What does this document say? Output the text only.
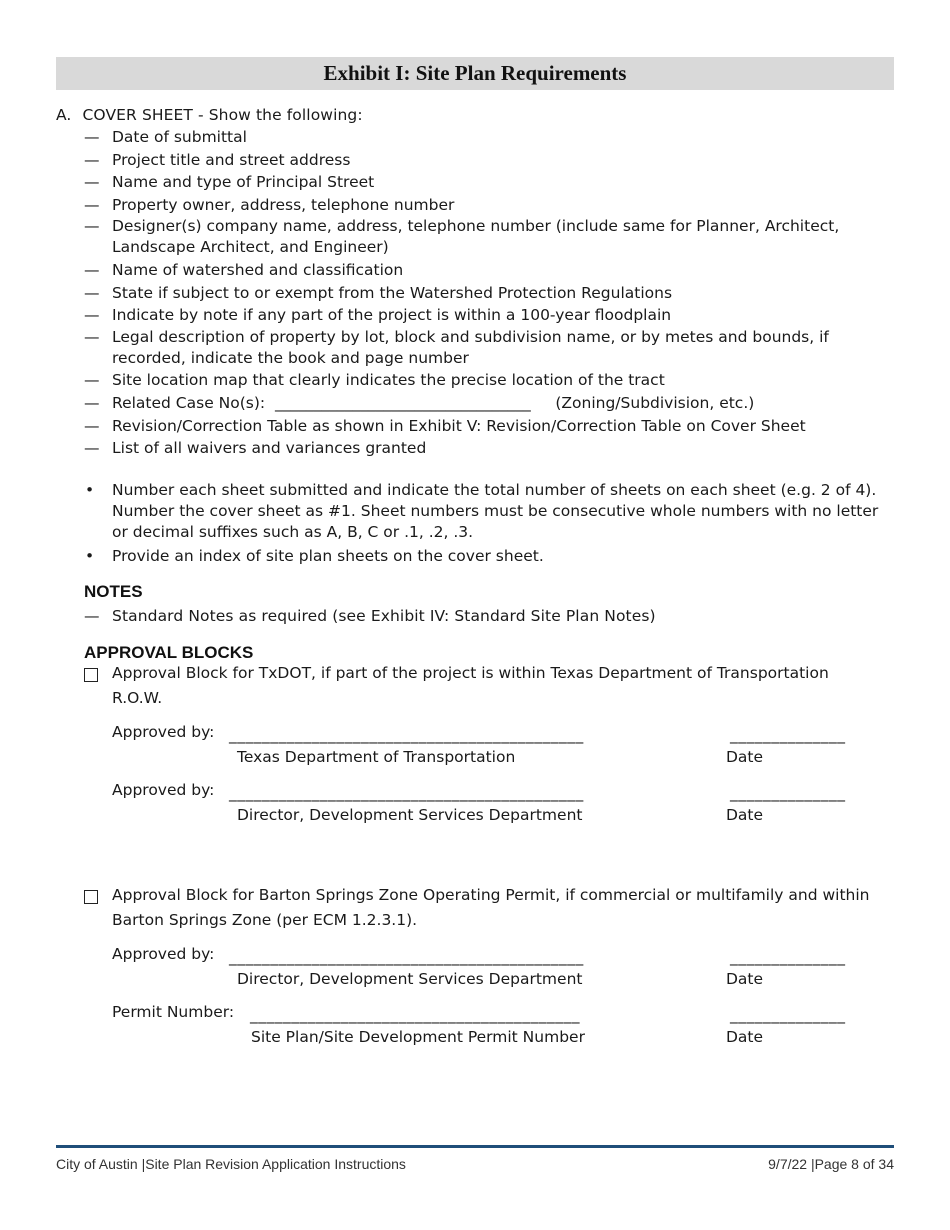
Exhibit I: Site Plan Requirements
A. COVER SHEET - Show the following:
— Date of submittal
— Project title and street address
— Name and type of Principal Street
— Property owner, address, telephone number
— Designer(s) company name, address, telephone number (include same for Planner, Architect, Landscape Architect, and Engineer)
— Name of watershed and classification
— State if subject to or exempt from the Watershed Protection Regulations
— Indicate by note if any part of the project is within a 100-year floodplain
— Legal description of property by lot, block and subdivision name, or by metes and bounds, if recorded, indicate the book and page number
— Site location map that clearly indicates the precise location of the tract
— Related Case No(s):  _________________________________     (Zoning/Subdivision, etc.)
— Revision/Correction Table as shown in Exhibit V: Revision/Correction Table on Cover Sheet
— List of all waivers and variances granted
• Number each sheet submitted and indicate the total number of sheets on each sheet (e.g. 2 of 4). Number the cover sheet as #1. Sheet numbers must be consecutive whole numbers with no letter or decimal suffixes such as A, B, C or .1, .2, .3.
• Provide an index of site plan sheets on the cover sheet.
NOTES
— Standard Notes as required (see Exhibit IV: Standard Site Plan Notes)
APPROVAL BLOCKS
Approval Block for TxDOT, if part of the project is within Texas Department of Transportation R.O.W.
Approved by: ___________________________________________	______________
Texas Department of Transportation	Date
Approved by: ___________________________________________	______________
Director, Development Services Department	Date
Approval Block for Barton Springs Zone Operating Permit, if commercial or multifamily and within Barton Springs Zone (per ECM 1.2.3.1).
Approved by: ___________________________________________	______________
Director, Development Services Department	Date
Permit Number: ________________________________________	______________
Site Plan/Site Development Permit Number	Date
City of Austin |Site Plan Revision Application Instructions	9/7/22 |Page 8 of 34
